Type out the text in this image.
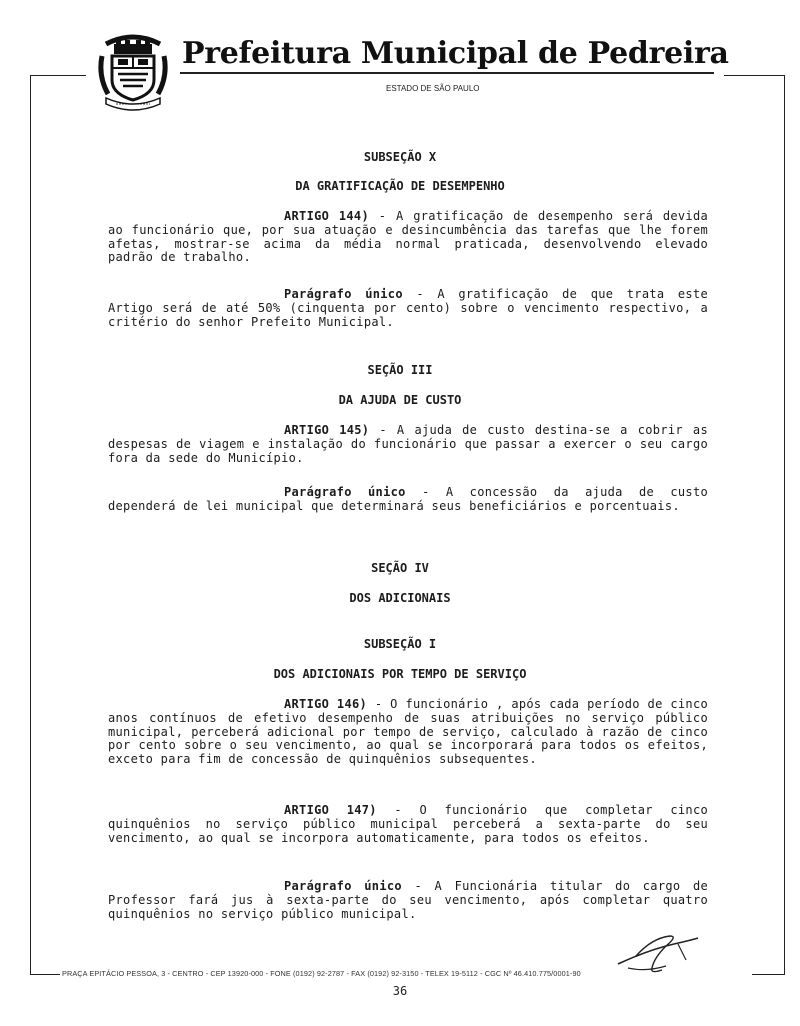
Prefeitura Municipal de Pedreira
ESTADO DE SÃO PAULO
SUBSEÇÃO X
DA GRATIFICAÇÃO DE DESEMPENHO
ARTIGO 144) - A gratificação de desempenho será devida ao funcionário que, por sua atuação e desincumbência das tarefas que lhe forem afetas, mostrar-se acima da média normal praticada, desenvolvendo elevado padrão de trabalho.
Parágrafo único - A gratificação de que trata este Artigo será de até 50% (cinquenta por cento) sobre o vencimento respectivo, a critério do senhor Prefeito Municipal.
SEÇÃO III
DA AJUDA DE CUSTO
ARTIGO 145) - A ajuda de custo destina-se a cobrir as despesas de viagem e instalação do funcionário que passar a exercer o seu cargo fora da sede do Município.
Parágrafo único - A concessão da ajuda de custo dependerá de lei municipal que determinará seus beneficiários e porcentuais.
SEÇÃO IV
DOS ADICIONAIS
SUBSEÇÃO I
DOS ADICIONAIS POR TEMPO DE SERVIÇO
ARTIGO 146) - O funcionário , após cada período de cinco anos contínuos de efetivo desempenho de suas atribuições no serviço público municipal, perceberá adicional por tempo de serviço, calculado à razão de cinco por cento sobre o seu vencimento, ao qual se incorporará para todos os efeitos, exceto para fim de concessão de quinquênios subsequentes.
ARTIGO 147) - O funcionário que completar cinco quinquênios no serviço público municipal perceberá a sexta-parte do seu vencimento, ao qual se incorpora automaticamente, para todos os efeitos.
Parágrafo único - A Funcionária titular do cargo de Professor fará jus à sexta-parte do seu vencimento, após completar quatro quinquênios no serviço público municipal.
PRAÇA EPITÁCIO PESSOA, 3 - CENTRO - CEP 13920-000 - FONE (0192) 92-2787 - FAX (0192) 92-3150 - TELEX 19-5112 - CGC Nº 46.410.775/0001-90
36
